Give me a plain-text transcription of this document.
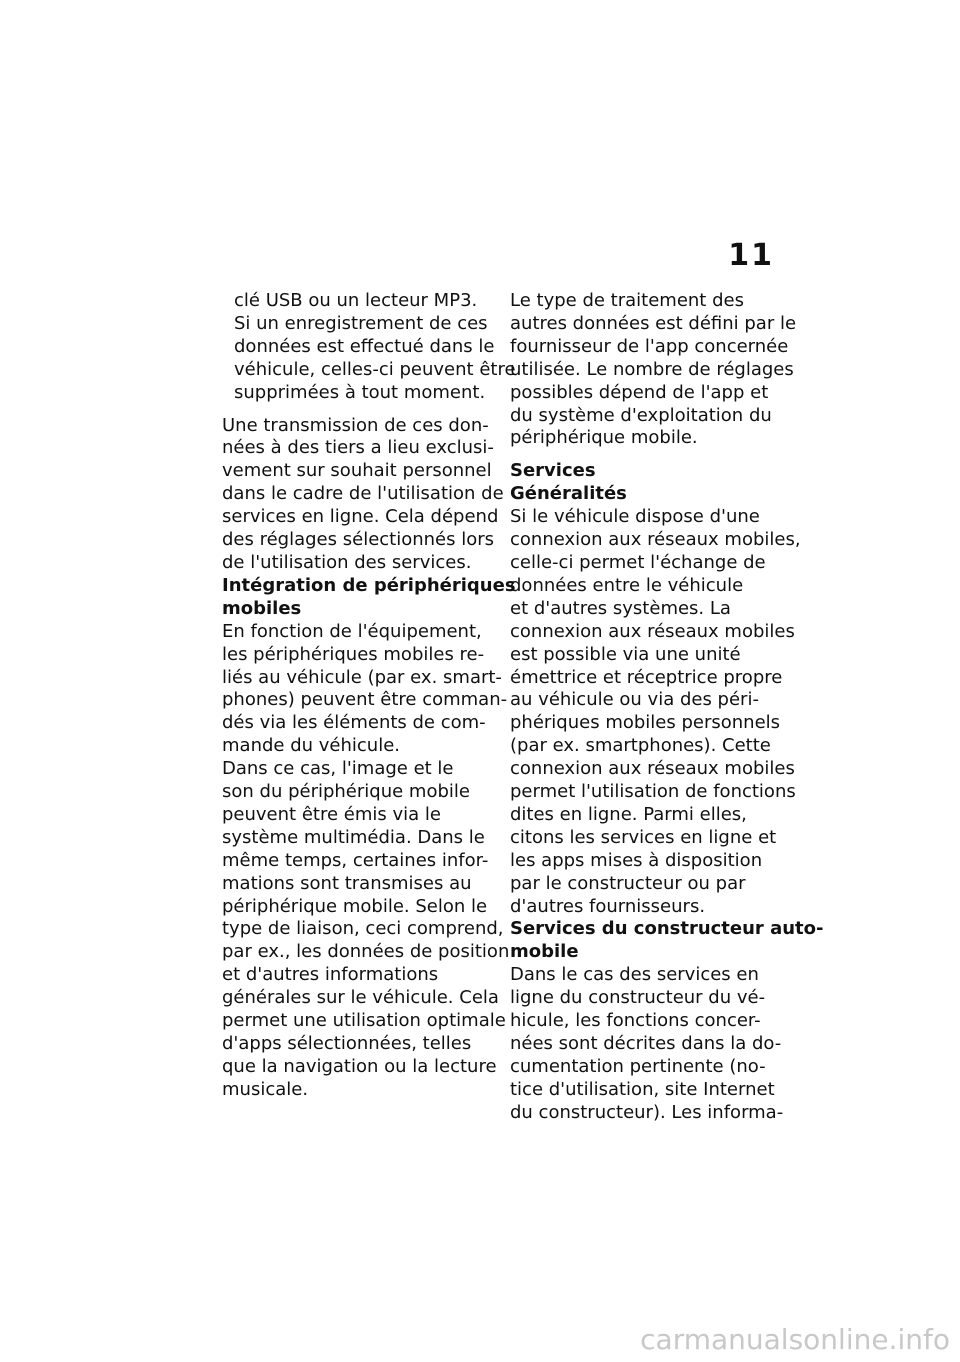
11
clé USB ou un lecteur MP3.
Si un enregistrement de ces
données est effectué dans le
véhicule, celles-ci peuvent être
supprimées à tout moment.
Une transmission de ces don-
nées à des tiers a lieu exclusi-
vement sur souhait personnel
dans le cadre de l'utilisation de
services en ligne. Cela dépend
des réglages sélectionnés lors
de l'utilisation des services.
Intégration de périphériques
mobiles
En fonction de l'équipement,
les périphériques mobiles re-
liés au véhicule (par ex. smart-
phones) peuvent être comman-
dés via les éléments de com-
mande du véhicule.
Dans ce cas, l'image et le
son du périphérique mobile
peuvent être émis via le
système multimédia. Dans le
même temps, certaines infor-
mations sont transmises au
périphérique mobile. Selon le
type de liaison, ceci comprend,
par ex., les données de position
et d'autres informations
générales sur le véhicule. Cela
permet une utilisation optimale
d'apps sélectionnées, telles
que la navigation ou la lecture
musicale.
Le type de traitement des
autres données est défini par le
fournisseur de l'app concernée
utilisée. Le nombre de réglages
possibles dépend de l'app et
du système d'exploitation du
périphérique mobile.
Services
Généralités
Si le véhicule dispose d'une
connexion aux réseaux mobiles,
celle-ci permet l'échange de
données entre le véhicule
et d'autres systèmes. La
connexion aux réseaux mobiles
est possible via une unité
émettrice et réceptrice propre
au véhicule ou via des péri-
phériques mobiles personnels
(par ex. smartphones). Cette
connexion aux réseaux mobiles
permet l'utilisation de fonctions
dites en ligne. Parmi elles,
citons les services en ligne et
les apps mises à disposition
par le constructeur ou par
d'autres fournisseurs.
Services du constructeur auto-
mobile
Dans le cas des services en
ligne du constructeur du vé-
hicule, les fonctions concer-
nées sont décrites dans la do-
cumentation pertinente (no-
tice d'utilisation, site Internet
du constructeur). Les informa-
carmanualsonline.info
